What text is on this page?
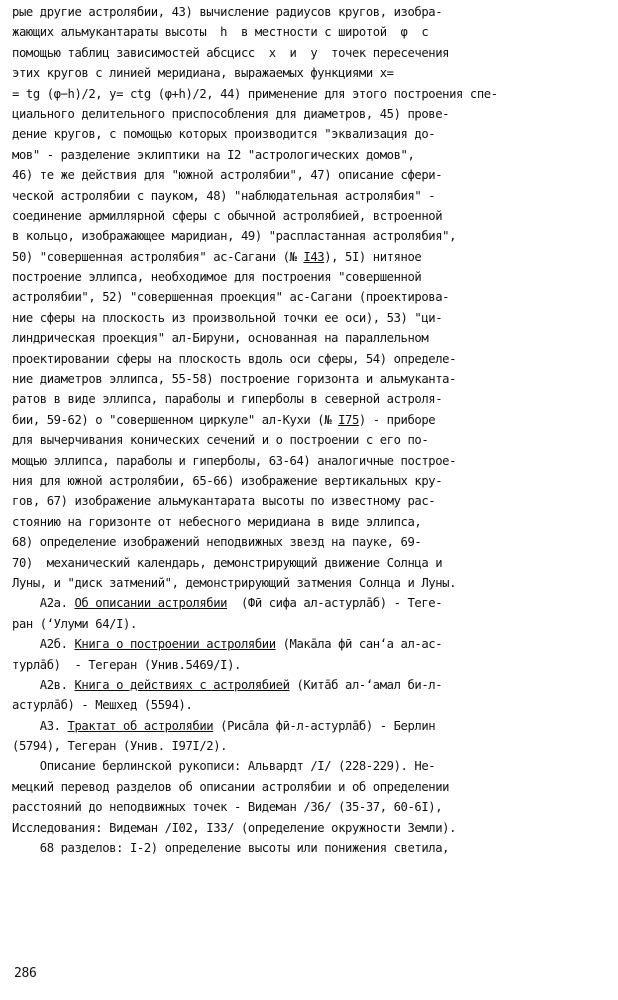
рые другие астролябии, 43) вычисление радиусов кругов, изобра-
жающих альмукантараты высоты  h  в местности с широтой  φ  с
помощью таблиц зависимостей абсцисс  x  и  y  точек пересечения
этих кругов с линией меридиана, выражаемых функциями x=
= tg (φ−h)/2, y= ctg (φ+h)/2, 44) применение для этого построения спе-
циального делительного приспособления для диаметров, 45) прове-
дение кругов, с помощью которых производится "эквализация до-
мов" - разделение эклиптики на I2 "астрологических домов",
46) те же действия для "южной астролябии", 47) описание сфери-
ческой астролябии с пауком, 48) "наблюдательная астролябия" -
соединение армиллярной сферы с обычной астролябией, встроенной
в кольцо, изображающее маридиан, 49) "распластанная астролябия",
50) "совершенная астролябия" ас-Сагани (№ I43), 5I) нитяное
построение эллипса, необходимое для построения "совершенной
астролябии", 52) "совершенная проекция" ас-Сагани (проектирова-
ние сферы на плоскость из произвольной точки ее оси), 53) "ци-
линдрическая проекция" ал-Бируни, основанная на параллельном
проектировании сферы на плоскость вдоль оси сферы, 54) определе-
ние диаметров эллипса, 55-58) построение горизонта и альмуканта-
ратов в виде эллипса, параболы и гиперболы в северной астроля-
бии, 59-62) о "совершенном циркуле" ал-Кухи (№ I75) - приборе
для вычерчивания конических сечений и о построении с его по-
мощью эллипса, параболы и гиперболы, 63-64) аналогичные построе-
ния для южной астролябии, 65-66) изображение вертикальных кру-
гов, 67) изображение альмукантарата высоты по известному рас-
стоянию на горизонте от небесного меридиана в виде эллипса,
68) определение изображений неподвижных звезд на пауке, 69-
70)  механический календарь, демонстрирующий движение Солнца и
Луны, и "диск затмений", демонстрирующий затмения Солнца и Луны.
А2а. Об описании астролябии  (Фӣ сифа ал-астурла̄б) - Теге-
ран (ʻУлуми 64/I).
А2б. Книга о построении астролябии (Мака̄ла фӣ санʻа ал-ас-
турла̄б)  - Тегеран (Унив.5469/I).
А2в. Книга о действиях с астролябией (Кита̄б ал-ʻамал би-л-
астурла̄б) - Мешхед (5594).
А3. Трактат об астролябии (Риса̄ла фӣ-л-астурла̄б) - Берлин
(5794), Тегеран (Унив. I97I/2).
Описание берлинской рукописи: Альвардт /I/ (228-229). Не-
мецкий перевод разделов об описании астролябии и об определении
расстояний до неподвижных точек - Видеман /36/ (35-37, 60-6I),
Исследования: Видеман /I02, I33/ (определение окружности Земли).
68 разделов: I-2) определение высоты или понижения светила,
286
